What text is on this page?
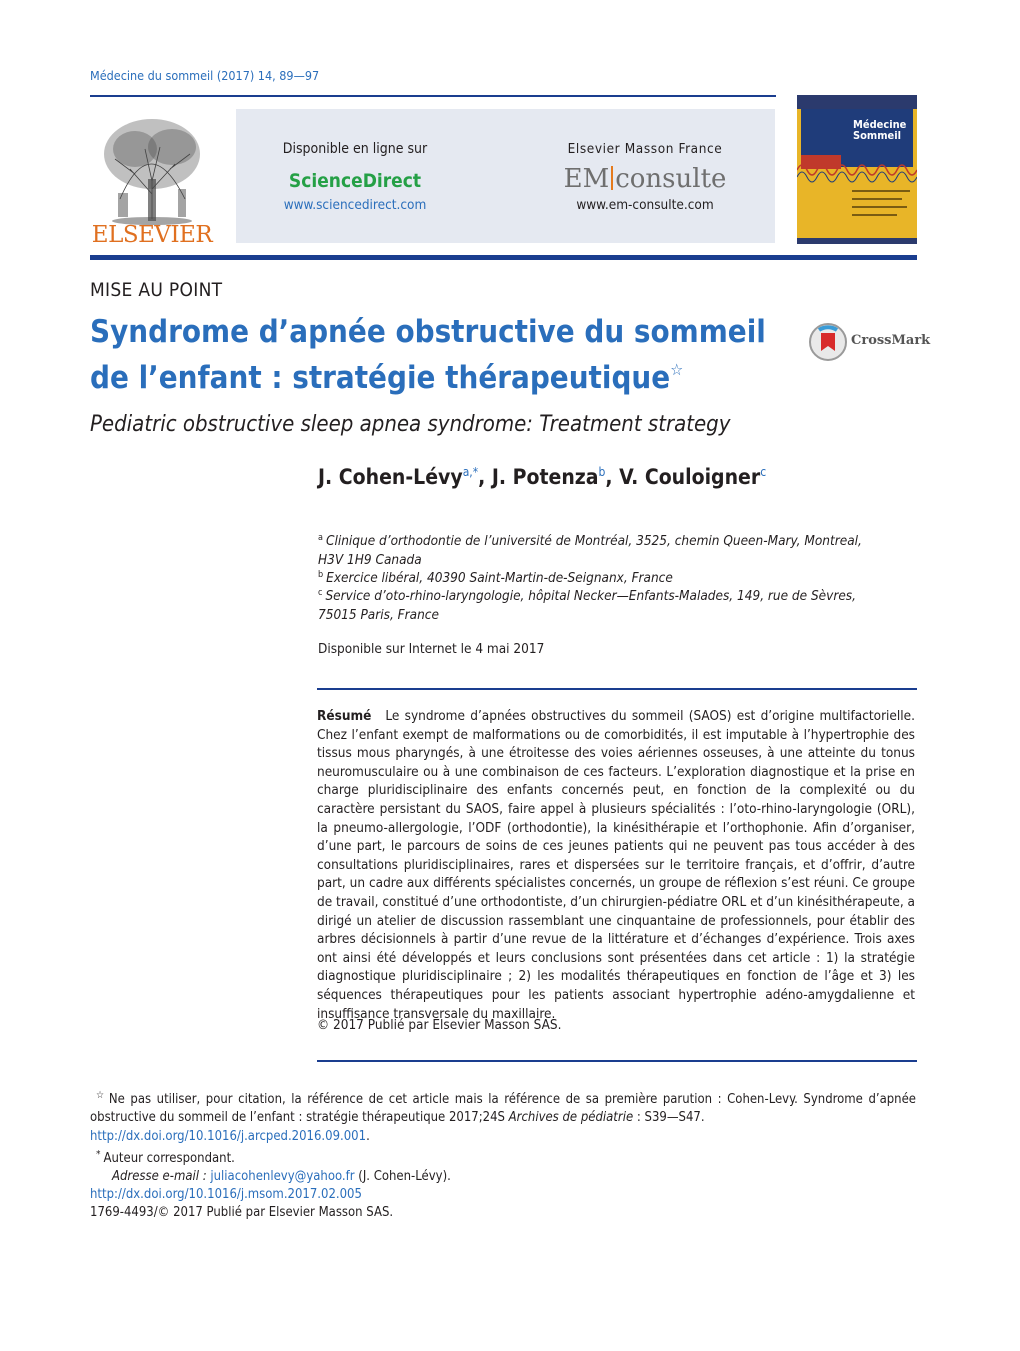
Médecine du sommeil (2017) 14, 89—97
ELSEVIER
Disponible en ligne sur
ScienceDirect
www.sciencedirect.com
Elsevier Masson France
EM consulte
www.em-consulte.com
Médecine
Sommeil
MISE AU POINT
Syndrome d’apnée obstructive du sommeil
de l’enfant : stratégie thérapeutique☆
CrossMark
Pediatric obstructive sleep apnea syndrome: Treatment strategy
J. Cohen-Lévy$^{a,*}$, J. Potenza$^b$, V. Couloigner$^c$
$^a$ Clinique d’orthodontie de l’université de Montréal, 3525, chemin Queen-Mary, Montreal,
H3V 1H9 Canada
$^b$ Exercice libéral, 40390 Saint-Martin-de-Seignanx, France
$^c$ Service d’oto-rhino-laryngologie, hôpital Necker—Enfants-Malades, 149, rue de Sèvres,
75015 Paris, France
Disponible sur Internet le 4 mai 2017
Résumé Le syndrome d’apnées obstructives du sommeil (SAOS) est d’origine multifactorielle. Chez l’enfant exempt de malformations ou de comorbidités, il est imputable à l’hypertrophie des tissus mous pharyngés, à une étroitesse des voies aériennes osseuses, à une atteinte du tonus neuromusculaire ou à une combinaison de ces facteurs. L’exploration diagnostique et la prise en charge pluridisciplinaire des enfants concernés peut, en fonction de la complexité ou du caractère persistant du SAOS, faire appel à plusieurs spécialités : l’oto-rhino-laryngologie (ORL), la pneumo-allergologie, l’ODF (orthodontie), la kinésithérapie et l’orthophonie. Afin d’organiser, d’une part, le parcours de soins de ces jeunes patients qui ne peuvent pas tous accéder à des consultations pluridisciplinaires, rares et dispersées sur le territoire français, et d’offrir, d’autre part, un cadre aux différents spécialistes concernés, un groupe de réflexion s’est réuni. Ce groupe de travail, constitué d’une orthodontiste, d’un chirurgien-pédiatre ORL et d’un kinésithérapeute, a dirigé un atelier de discussion rassemblant une cinquantaine de professionnels, pour établir des arbres décisionnels à partir d’une revue de la littérature et d’échanges d’expérience. Trois axes ont ainsi été développés et leurs conclusions sont présentées dans cet article : 1) la stratégie diagnostique pluridisciplinaire ; 2) les modalités thérapeutiques en fonction de l’âge et 3) les séquences thérapeutiques pour les patients associant hypertrophie adéno-amygdalienne et insuffisance transversale du maxillaire.
© 2017 Publié par Elsevier Masson SAS.
☆ Ne pas utiliser, pour citation, la référence de cet article mais la référence de sa première parution : Cohen-Levy. Syndrome d’apnée obstructive du sommeil de l’enfant : stratégie thérapeutique 2017;24S Archives de pédiatrie : S39—S47.
http://dx.doi.org/10.1016/j.arcped.2016.09.001.
* Auteur correspondant.
Adresse e-mail : juliacohenlevy@yahoo.fr (J. Cohen-Lévy).
http://dx.doi.org/10.1016/j.msom.2017.02.005
1769-4493/© 2017 Publié par Elsevier Masson SAS.
